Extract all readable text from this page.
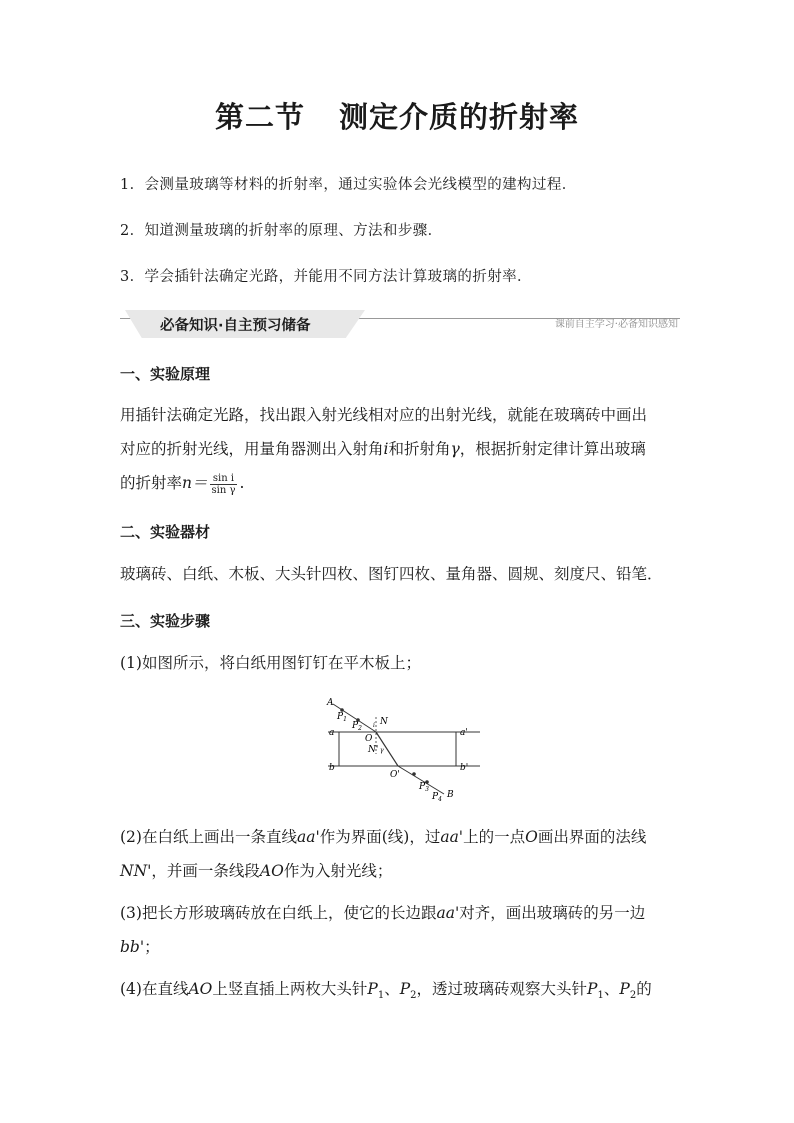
第二节 测定介质的折射率
1．会测量玻璃等材料的折射率，通过实验体会光线模型的建构过程．
2．知道测量玻璃的折射率的原理、方法和步骤．
3．学会插针法确定光路，并能用不同方法计算玻璃的折射率．
必备知识·自主预习储备	课前自主学习·必备知识感知
一、实验原理
用插针法确定光路，找出跟入射光线相对应的出射光线，就能在玻璃砖中画出
对应的折射光线，用量角器测出入射角i和折射角γ，根据折射定律计算出玻璃
的折射率$n= \frac{\text{sin i}}{\text{sin γ}}$ .
二、实验器材
玻璃砖、白纸、木板、大头针四枚、图钉四枚、量角器、圆规、刻度尺、铅笔．
三、实验步骤
(1)如图所示，将白纸用图钉钉在平木板上；
A
$P_1$
$P_2$
N
i
O
N' γ
a	a'
b	b'
O'
$P_3$
$P_4$ B
(2)在白纸上画出一条直线aa'作为界面(线)，过aa'上的一点O画出界面的法线
NN'，并画一条线段AO作为入射光线；
(3)把长方形玻璃砖放在白纸上，使它的长边跟aa'对齐，画出玻璃砖的另一边
bb'；
(4)在直线AO上竖直插上两枚大头针$P_1$、$P_2$，透过玻璃砖观察大头针$P_1$、$P_2$的
